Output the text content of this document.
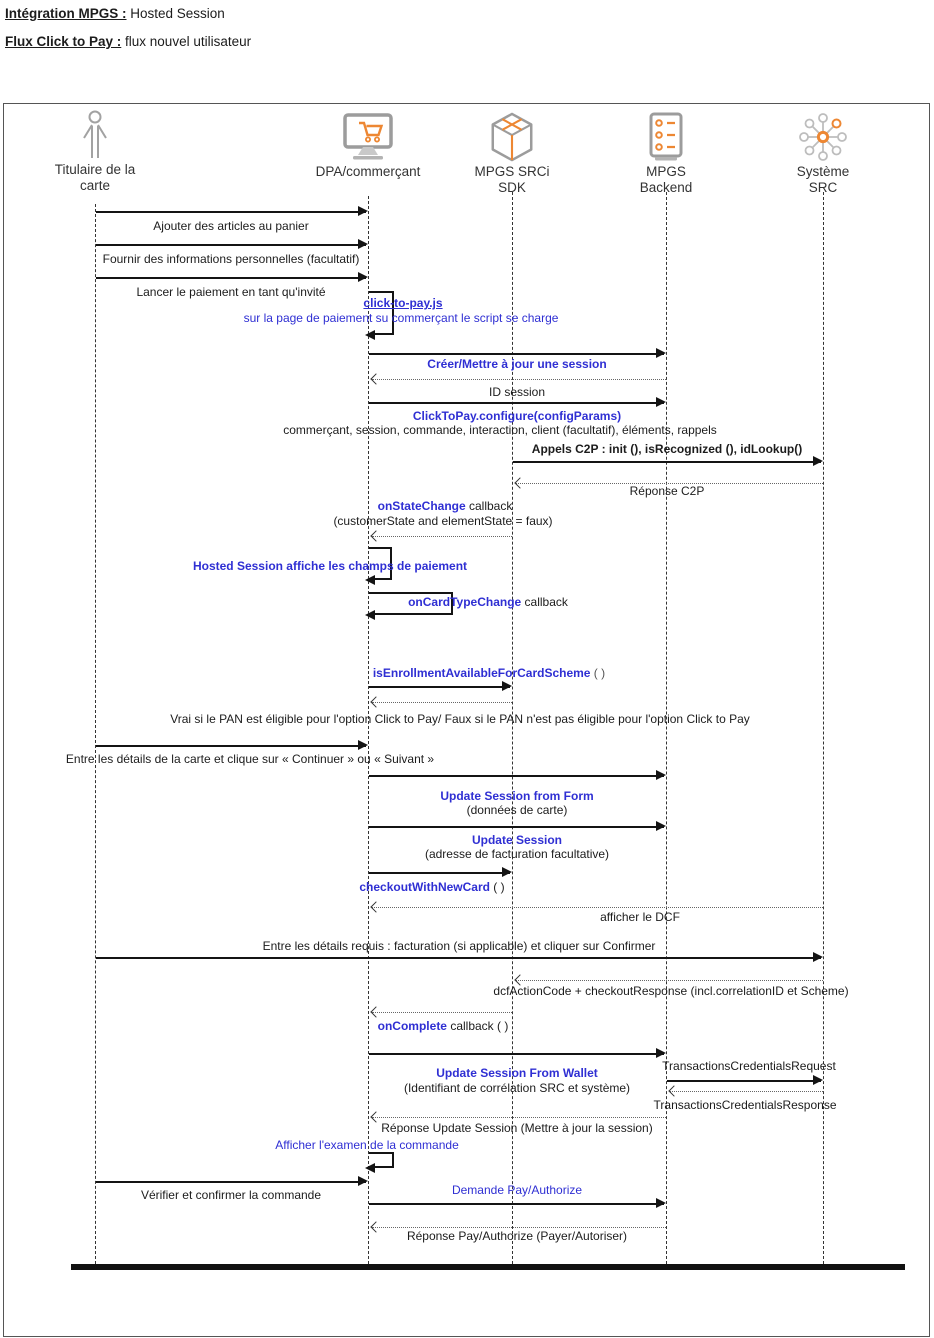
Intégration MPGS : Hosted Session
Flux Click to Pay : flux nouvel utilisateur
Titulaire de la
carte
DPA/commerçant	MPGS SRCi
SDK
MPGS
Backend
Système
SRC
Ajouter des articles au panier
Fournir des informations personnelles (facultatif)
Lancer le paiement en tant qu'invité
click-to-pay.js
sur la page de paiement su commerçant le script se charge
Créer/Mettre à jour une session
ID session
ClickToPay.configure(configParams)
commerçant, session, commande, interaction, client (facultatif), éléments, rappels
Appels C2P : init (), isRecognized (), idLookup()
Réponse C2P
onStateChange callback
(customerState and elementState = faux)
Hosted Session affiche les champs de paiement
onCardTypeChange callback
isEnrollmentAvailableForCardScheme ( )
Vrai si le PAN est éligible pour l'option Click to Pay/ Faux si le PAN n'est pas éligible pour l'option Click to Pay
Entre les détails de la carte et clique sur « Continuer » ou « Suivant »
Update Session from Form
(données de carte)
Update Session
(adresse de facturation facultative)
checkoutWithNewCard ( )
afficher le DCF
Entre les détails requis : facturation (si applicable) et cliquer sur Confirmer
dcfActionCode + checkoutResponse (incl.correlationID et Scheme)
onComplete callback ( )
Update Session From Wallet
(Identifiant de corrélation SRC et système)
TransactionsCredentialsRequest
TransactionsCredentialsResponse
Réponse Update Session (Mettre à jour la session)
Afficher l'examen de la commande
Vérifier et confirmer la commande	Demande Pay/Authorize
Réponse Pay/Authorize (Payer/Autoriser)
